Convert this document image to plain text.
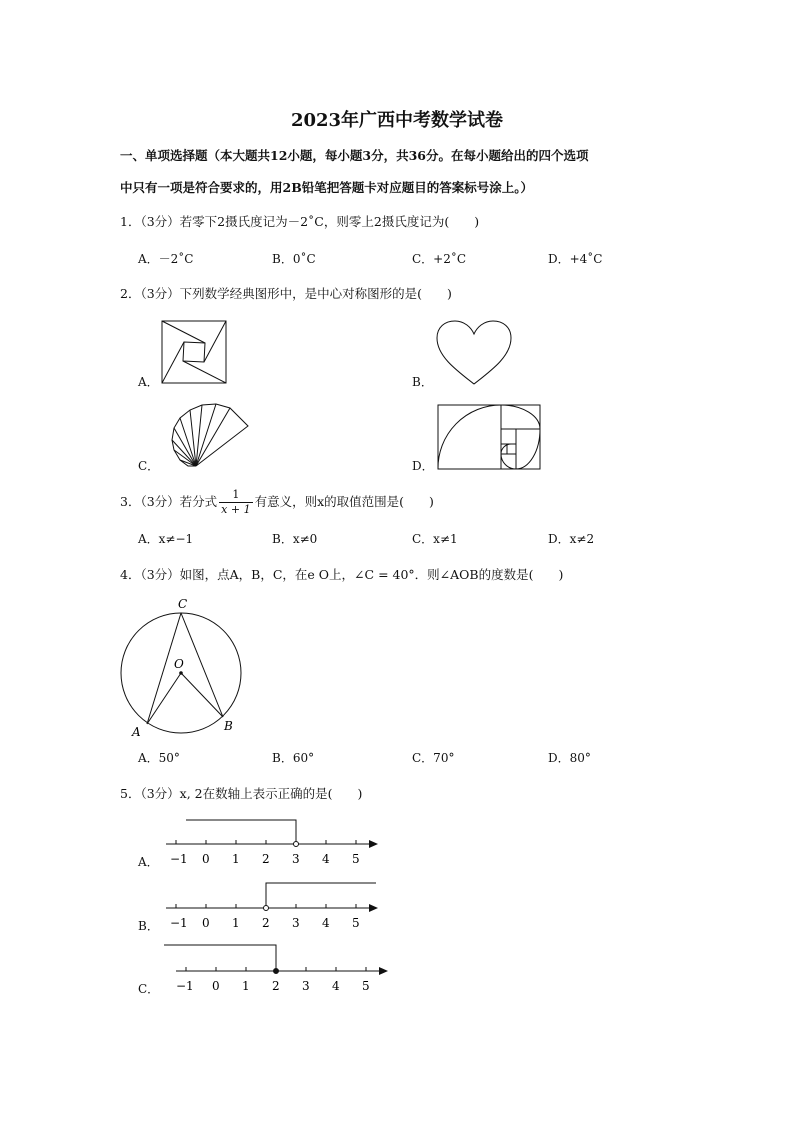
2023年广西中考数学试卷
一、单项选择题（本大题共12小题，每小题3分，共36分。在每小题给出的四个选项
中只有一项是符合要求的，用2B铅笔把答题卡对应题目的答案标号涂上。）
1．（3分）若零下2摄氏度记为－2˚C，则零上2摄氏度记为(　　)
A．－2˚C	B．0˚C	C．+2˚C	D．+4˚C
2．（3分）下列数学经典图形中，是中心对称图形的是(　　)
A．	B．
C．	D．
3．（3分）若分式 $\frac{1}{x + 1}$ 有意义，则x的取值范围是(　　)
A．x≠−1	B．x≠0	C．x≠1	D．x≠2
4．（3分）如图，点A，B，C，在e O上，∠C = 40°．则∠AOB的度数是(　　)
C
O
A	B
A．50°	B．60°	C．70°	D．80°
5．（3分）x, 2在数轴上表示正确的是(　　)
A． −1 0 1 2 3 4 5
B． −1 0 1 2 3 4 5
C． −1 0 1 2 3 4 5
